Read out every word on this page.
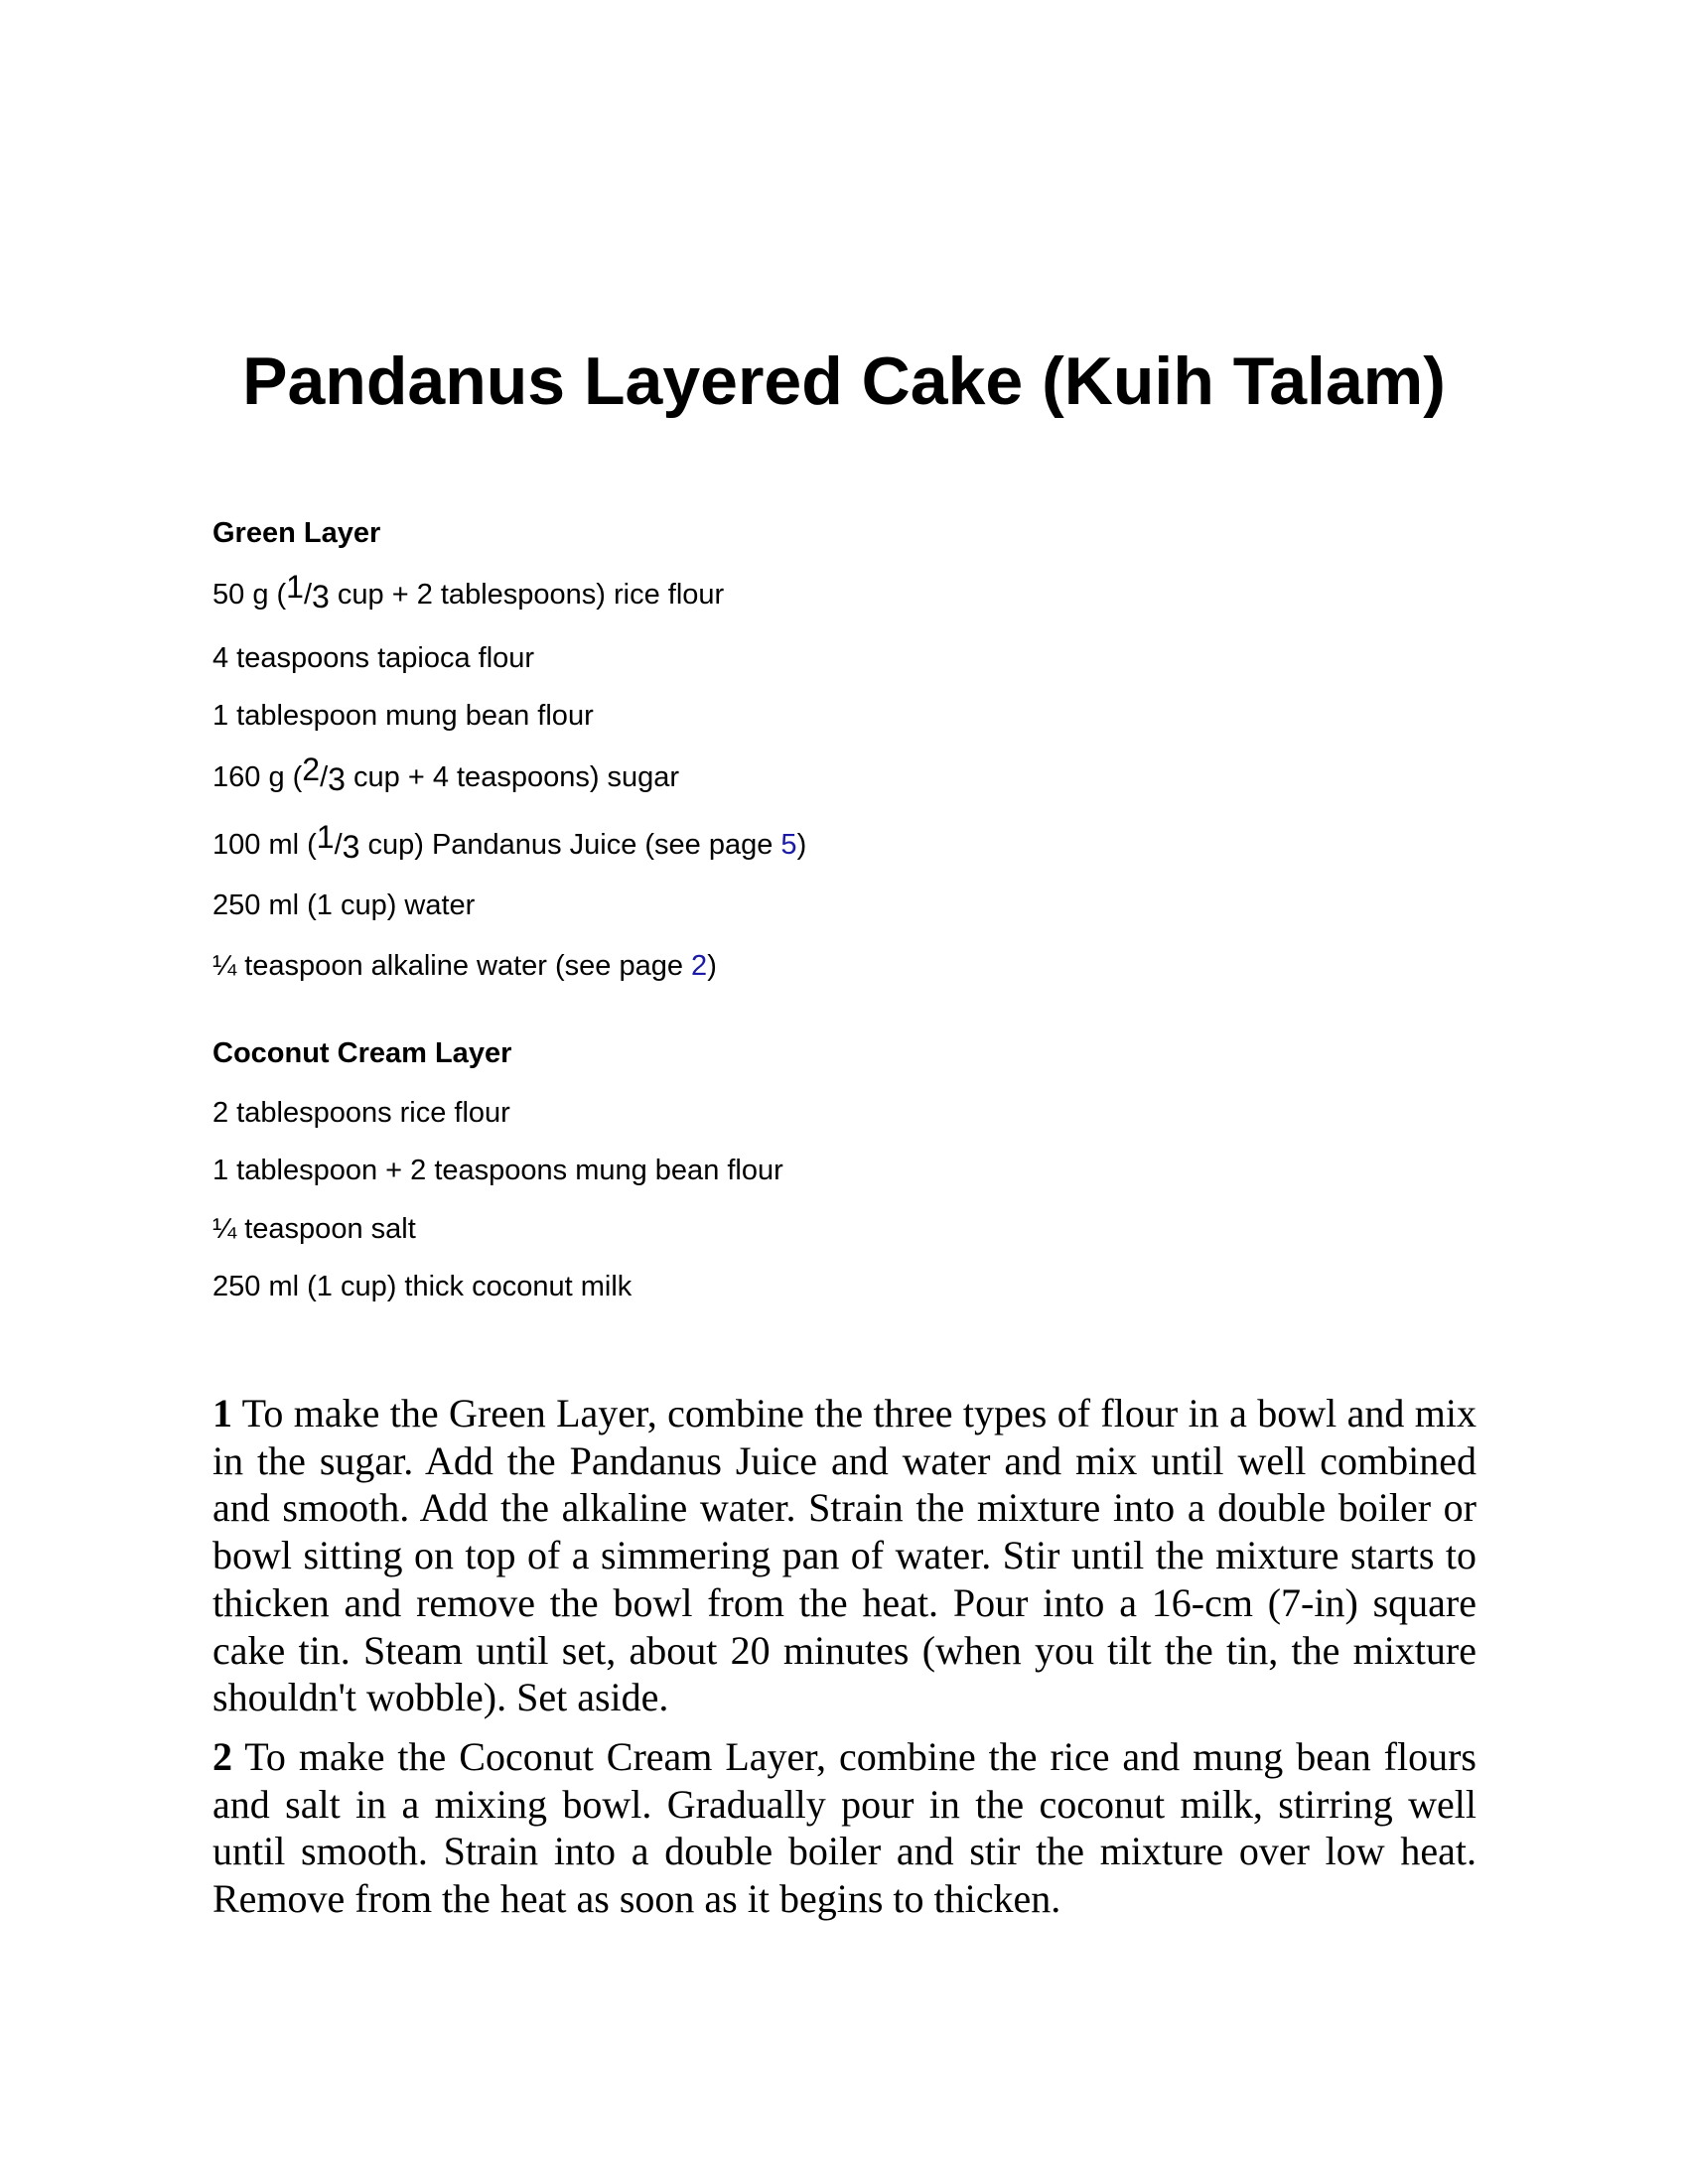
Pandanus Layered Cake (Kuih Talam)
Green Layer
50 g ($^1/_3$ cup + 2 tablespoons) rice flour
4 teaspoons tapioca flour
1 tablespoon mung bean flour
160 g ($^2/_3$ cup + 4 teaspoons) sugar
100 ml ($^1/_3$ cup) Pandanus Juice (see page 5)
250 ml (1 cup) water
¼ teaspoon alkaline water (see page 2)
Coconut Cream Layer
2 tablespoons rice flour
1 tablespoon + 2 teaspoons mung bean flour
¼ teaspoon salt
250 ml (1 cup) thick coconut milk

1 To make the Green Layer, combine the three types of flour in a bowl and mix in the sugar. Add the Pandanus Juice and water and mix until well combined and smooth. Add the alkaline water. Strain the mixture into a double boiler or bowl sitting on top of a simmering pan of water. Stir until the mixture starts to thicken and remove the bowl from the heat. Pour into a 16-cm (7-in) square cake tin. Steam until set, about 20 minutes (when you tilt the tin, the mixture shouldn't wobble). Set aside.

2 To make the Coconut Cream Layer, combine the rice and mung bean flours and salt in a mixing bowl. Gradually pour in the coconut milk, stirring well until smooth. Strain into a double boiler and stir the mixture over low heat. Remove from the heat as soon as it begins to thicken.
